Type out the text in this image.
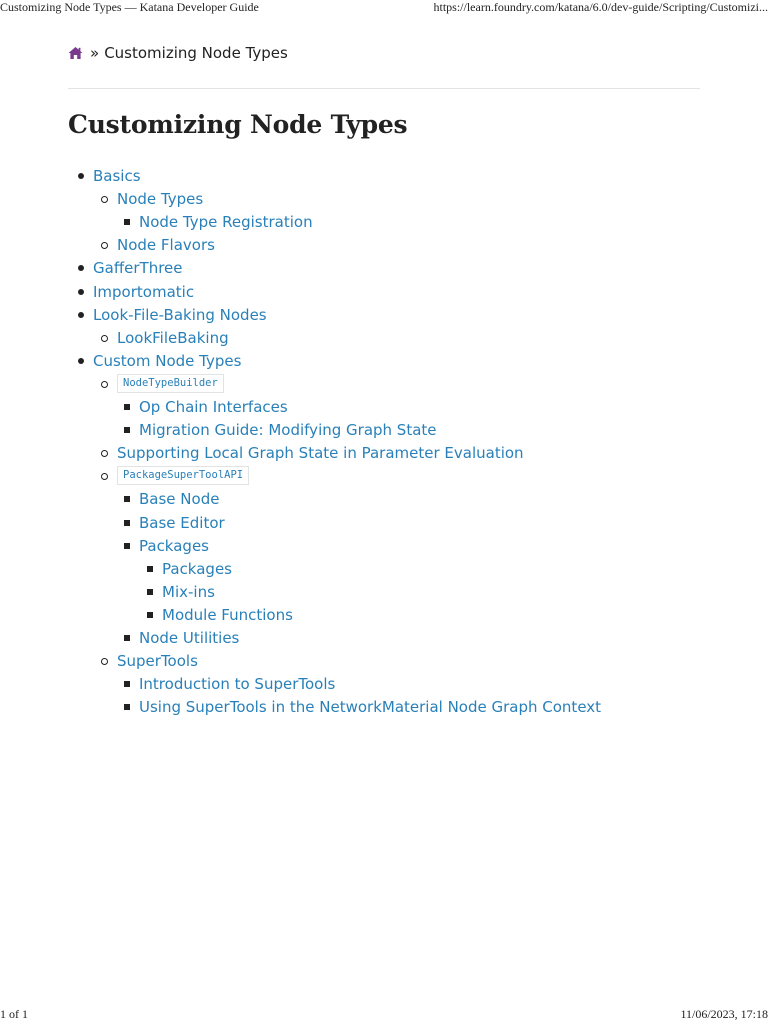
Customizing Node Types — Katana Developer Guide	https://learn.foundry.com/katana/6.0/dev-guide/Scripting/Customizi...
» Customizing Node Types
Customizing Node Types
Basics
Node Types
Node Type Registration
Node Flavors
GafferThree
Importomatic
Look-File-Baking Nodes
LookFileBaking
Custom Node Types
NodeTypeBuilder
Op Chain Interfaces
Migration Guide: Modifying Graph State
Supporting Local Graph State in Parameter Evaluation
PackageSuperToolAPI
Base Node
Base Editor
Packages
Packages
Mix-ins
Module Functions
Node Utilities
SuperTools
Introduction to SuperTools
Using SuperTools in the NetworkMaterial Node Graph Context
1 of 1	11/06/2023, 17:18
